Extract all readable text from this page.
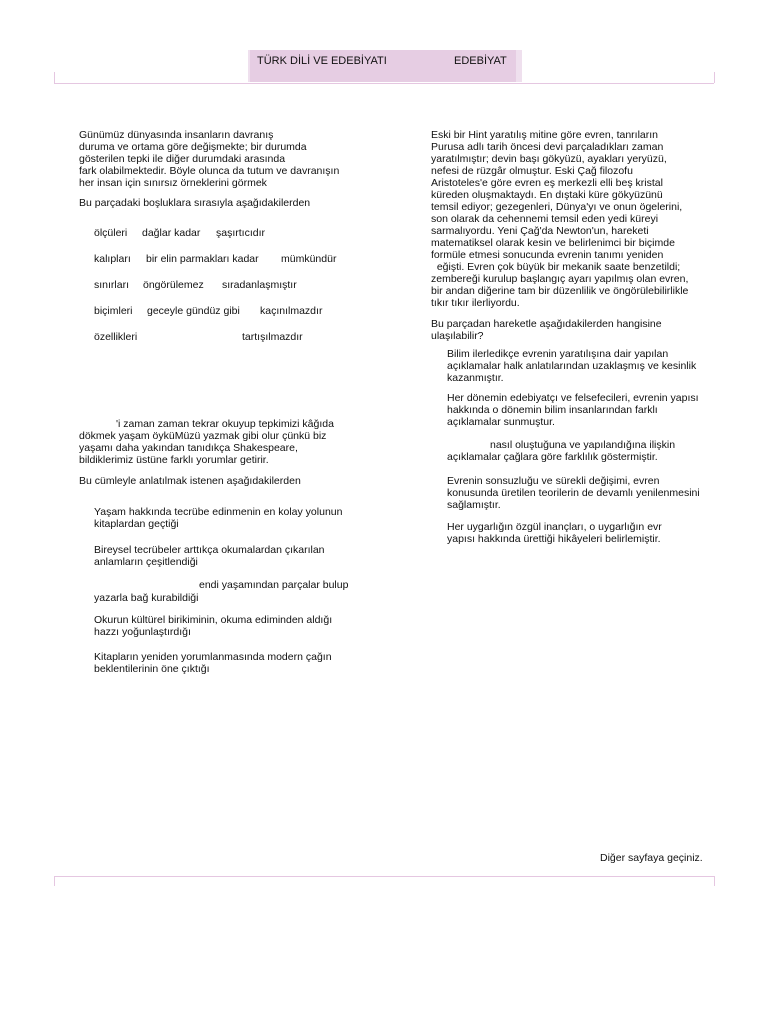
TÜRK DİLİ VE EDEBİYATI	EDEBİYAT

Günümüz dünyasında insanların davranış

duruma ve ortama göre değişmekte; bir durumda

gösterilen tepki ile diğer durumdaki arasında

fark olabilmektedir. Böyle olunca da tutum ve davranışın

her insan için sınırsız örneklerini görmek

Bu parçadaki boşluklara sırasıyla aşağıdakilerden

ölçüleri dağlar kadar şaşırtıcıdır
kalıpları bir elin parmakları kadar mümkündür
sınırları öngörülemez sıradanlaşmıştır
biçimleri geceyle gündüz gibi kaçınılmazdır
özellikleri	tartışılmazdır

'i zaman zaman tekrar okuyup tepkimizi kâğıda

dökmek yaşam öyküMüzü yazmak gibi olur çünkü biz

yaşamı daha yakından tanıdıkça Shakespeare,

bildiklerimiz üstüne farklı yorumlar getirir.

Bu cümleyle anlatılmak istenen aşağıdakilerden

Yaşam hakkında tecrübe edinmenin en kolay yolunun
kitaplardan geçtiği
Bireysel tecrübeler arttıkça okumalardan çıkarılan
anlamların çeşitlendiği
endi yaşamından parçalar bulup
yazarla bağ kurabildiği
Okurun kültürel birikiminin, okuma ediminden aldığı
hazzı yoğunlaştırdığı
Kitapların yeniden yorumlanmasında modern çağın
beklentilerinin öne çıktığı

Eski bir Hint yaratılış mitine göre evren, tanrıların

Purusa adlı tarih öncesi devi parçaladıkları zaman

yaratılmıştır; devin başı gökyüzü, ayakları yeryüzü,

nefesi de rüzgâr olmuştur. Eski Çağ filozofu

Aristoteles'e göre evren eş merkezli elli beş kristal

küreden oluşmaktaydı. En dıştaki küre gökyüzünü

temsil ediyor; gezegenleri, Dünya'yı ve onun ögelerini,

son olarak da cehennemi temsil eden yedi küreyi

sarmalıyordu. Yeni Çağ'da Newton'un, hareketi

matematiksel olarak kesin ve belirlenimci bir biçimde

formüle etmesi sonucunda evrenin tanımı yeniden

eğişti. Evren çok büyük bir mekanik saate benzetildi;

zembereği kurulup başlangıç ayarı yapılmış olan evren,

bir andan diğerine tam bir düzenlilik ve öngörülebilirlikle

tıkır tıkır ilerliyordu.

Bu parçadan hareketle aşağıdakilerden hangisine

ulaşılabilir?

Bilim ilerledikçe evrenin yaratılışına dair yapılan
açıklamalar halk anlatılarından uzaklaşmış ve kesinlik
kazanmıştır.
Her dönemin edebiyatçı ve felsefecileri, evrenin yapısı
hakkında o dönemin bilim insanlarından farklı
açıklamalar sunmuştur.
nasıl oluştuğuna ve yapılandığına ilişkin
açıklamalar çağlara göre farklılık göstermiştir.
Evrenin sonsuzluğu ve sürekli değişimi, evren
konusunda üretilen teorilerin de devamlı yenilenmesini
sağlamıştır.
Her uygarlığın özgül inançları, o uygarlığın evr
yapısı hakkında ürettiği hikâyeleri belirlemiştir.
Diğer sayfaya geçiniz.
